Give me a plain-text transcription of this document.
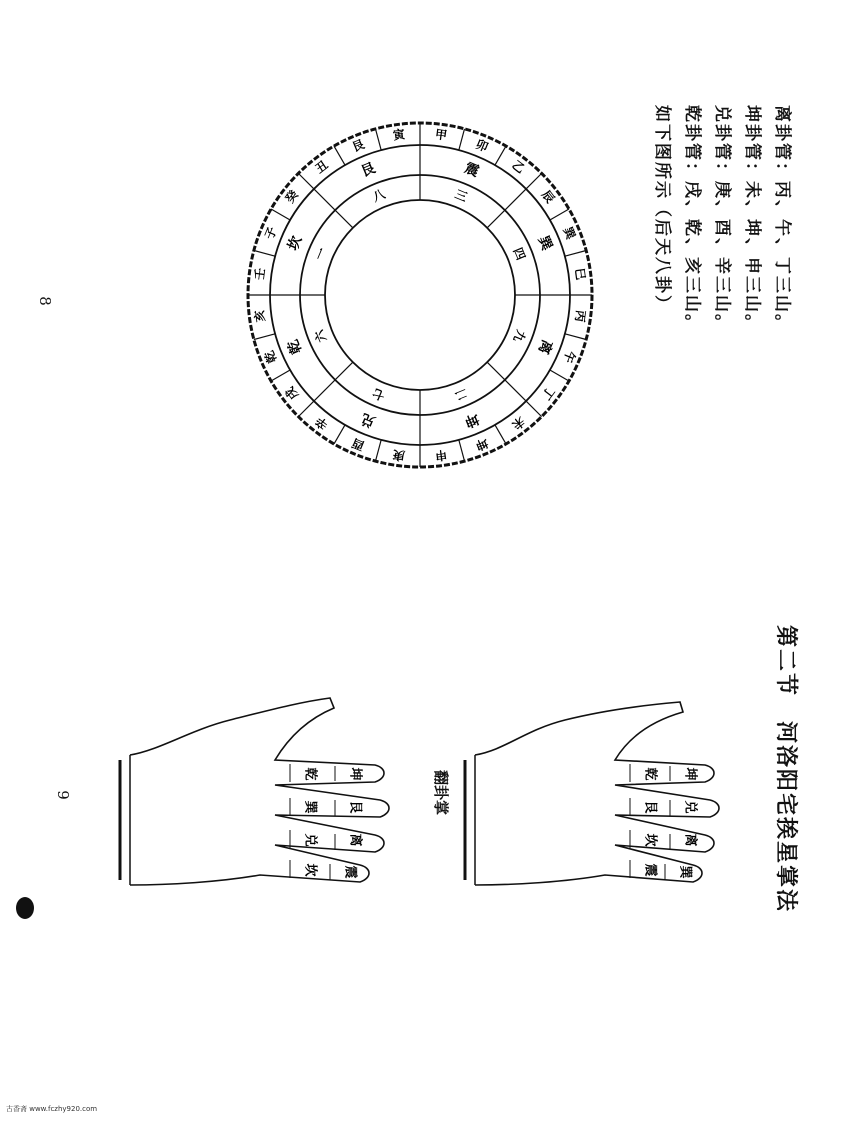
8
9
离卦管：丙、午、丁三山。
坤卦管：未、坤、申三山。
兑卦管：庚、酉、辛三山。
乾卦管：戌、乾、亥三山。
如下图所示（后天八卦）
丙
午
丁
未
坤
申
庚
酉
辛
戌
乾
亥
壬
子
癸
丑
艮
寅 甲
卯
乙
辰
巽
巳
离
坤
兑
乾
坎
艮	震
巽
九
二
七
六
一
八	三
四
第二节　河洛阳宅挨星掌法
乾 坤
艮 兑
坎 离
震 巽
乾 坤
巽 艮
兑 离
坎 震
翻卦掌
古香斋 www.fczhy920.com
